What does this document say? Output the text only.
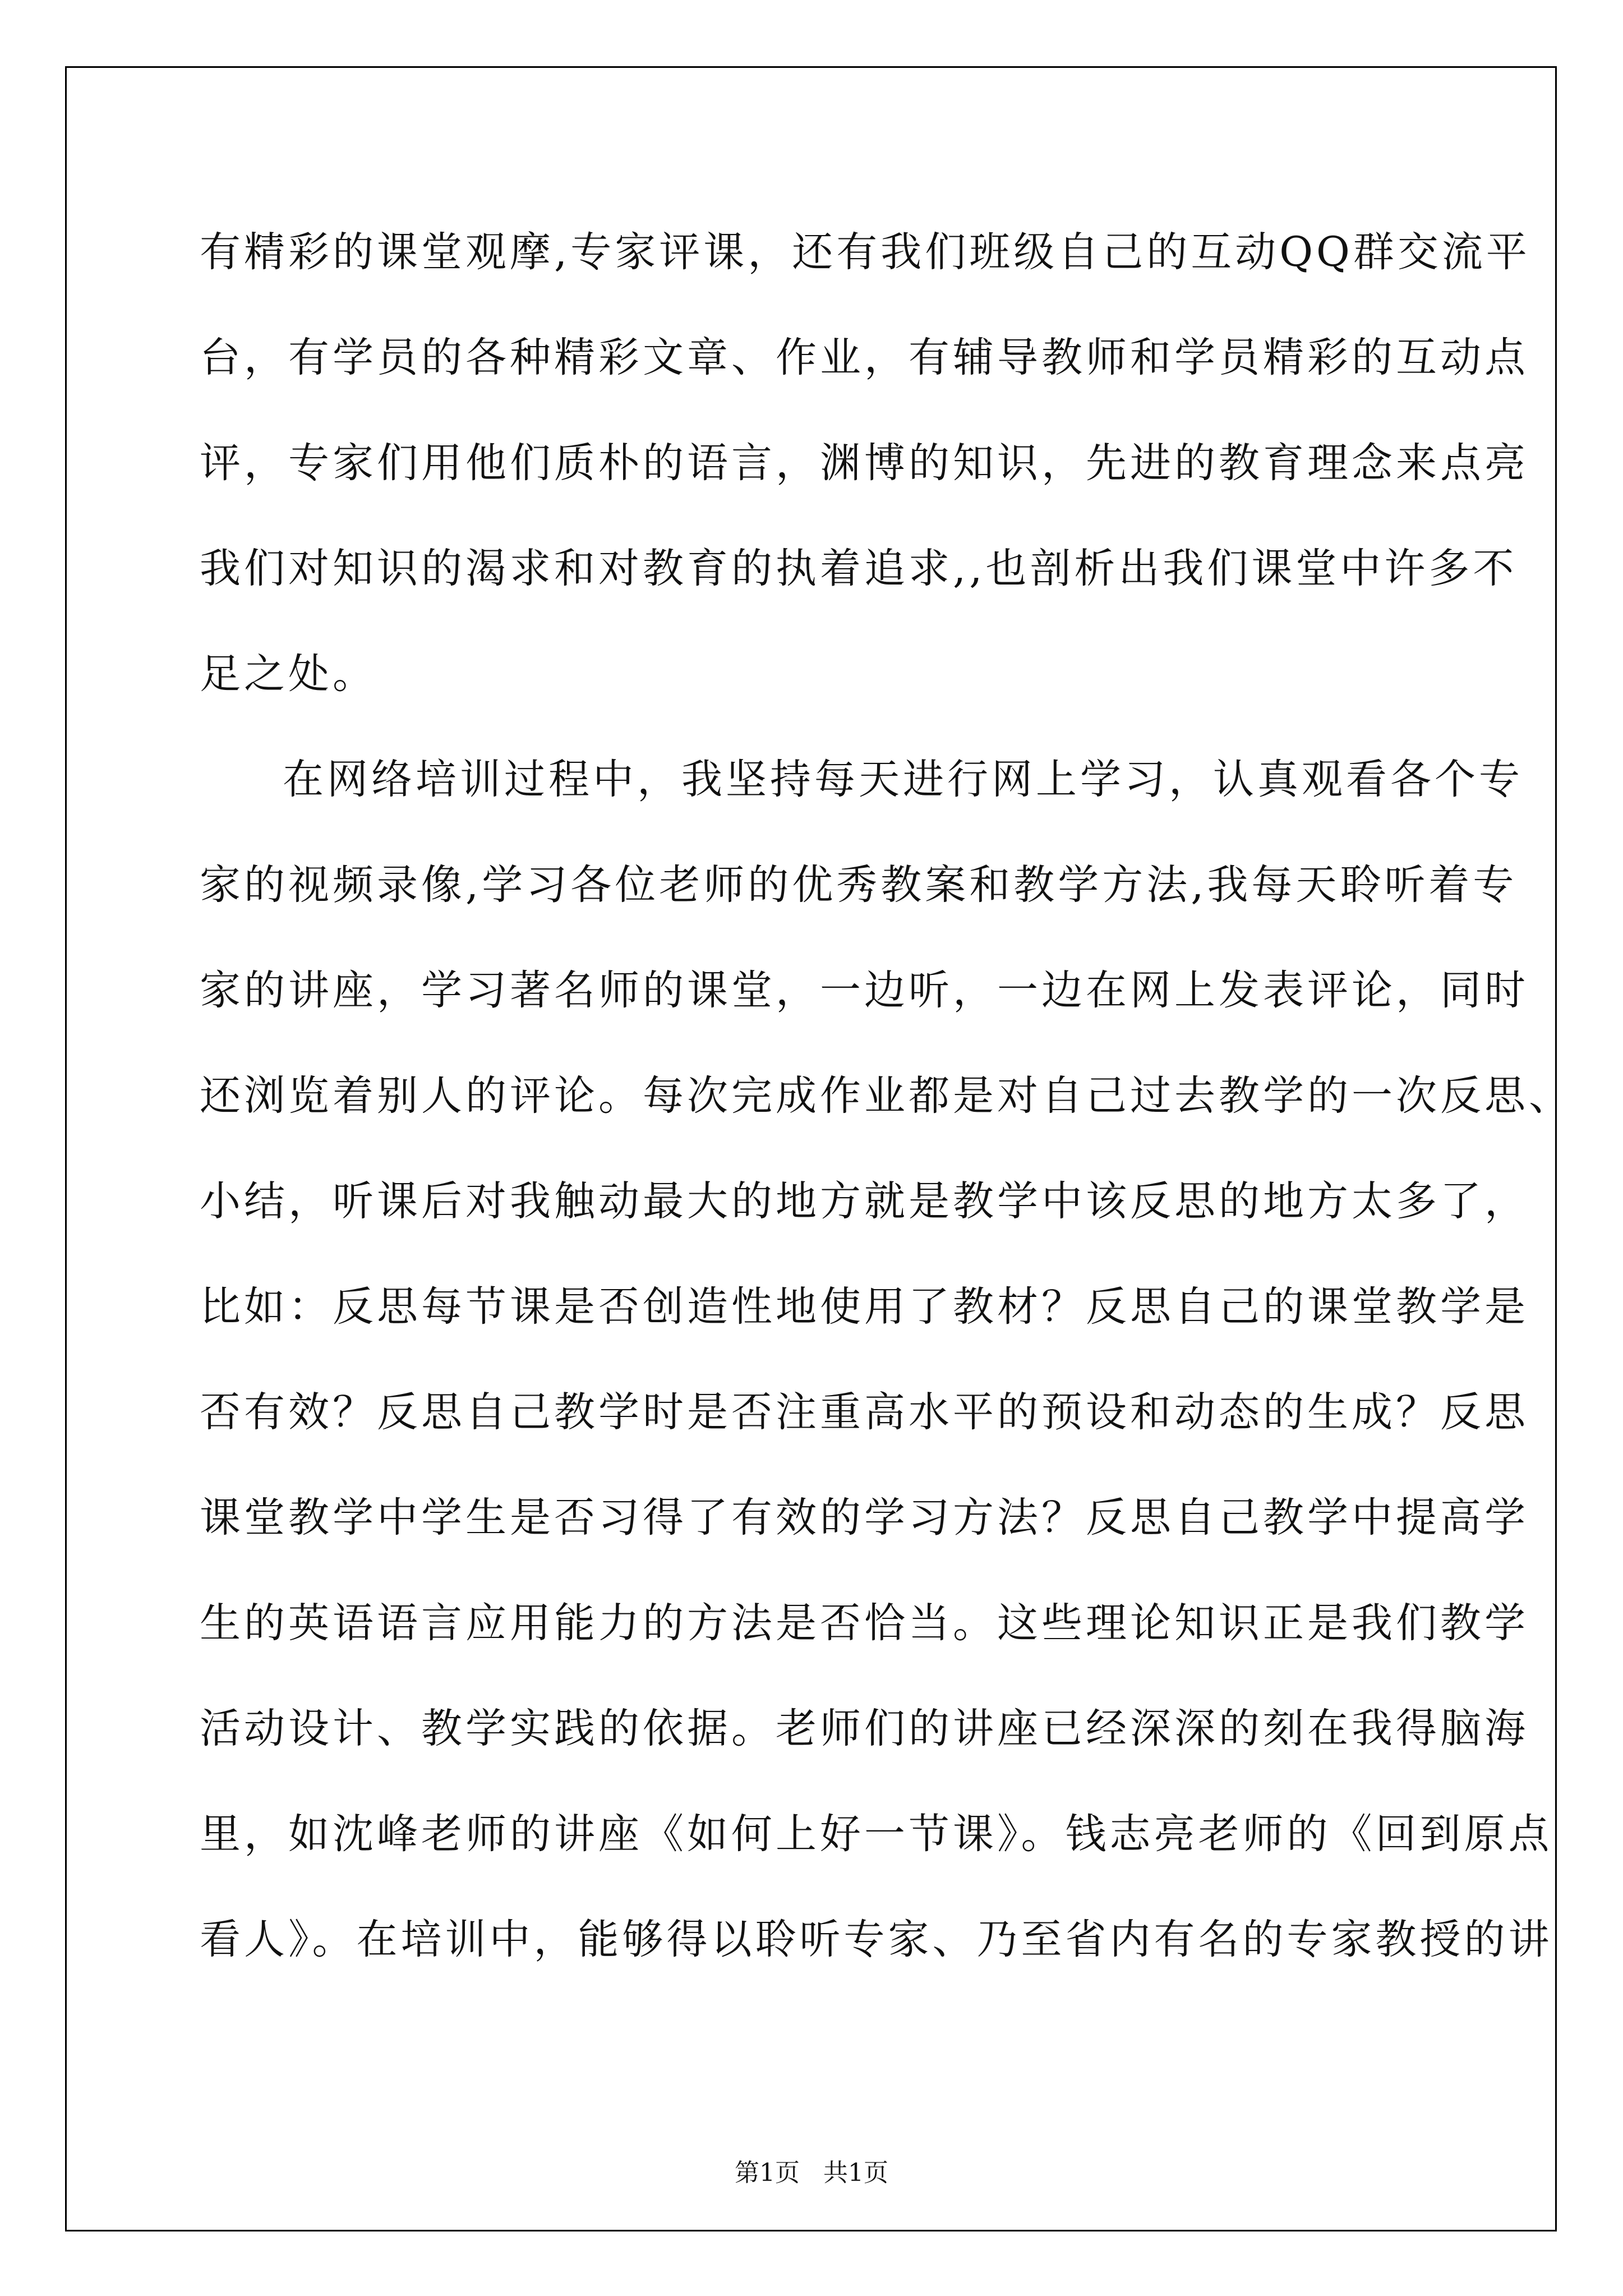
有精彩的课堂观摩,专家评课，还有我们班级自己的互动QQ群交流平
台，有学员的各种精彩文章、作业，有辅导教师和学员精彩的互动点
评，专家们用他们质朴的语言，渊博的知识，先进的教育理念来点亮
我们对知识的渴求和对教育的执着追求,,也剖析出我们课堂中许多不
足之处。
在网络培训过程中，我坚持每天进行网上学习，认真观看各个专
家的视频录像,学习各位老师的优秀教案和教学方法,我每天聆听着专
家的讲座，学习著名师的课堂，一边听，一边在网上发表评论，同时
还浏览着别人的评论。每次完成作业都是对自己过去教学的一次反思、
小结，听课后对我触动最大的地方就是教学中该反思的地方太多了，
比如：反思每节课是否创造性地使用了教材？反思自己的课堂教学是
否有效？反思自己教学时是否注重高水平的预设和动态的生成？反思
课堂教学中学生是否习得了有效的学习方法？反思自己教学中提高学
生的英语语言应用能力的方法是否恰当。这些理论知识正是我们教学
活动设计、教学实践的依据。老师们的讲座已经深深的刻在我得脑海
里，如沈峰老师的讲座《如何上好一节课》。钱志亮老师的《回到原点
看人》。在培训中，能够得以聆听专家、乃至省内有名的专家教授的讲
第1页   共1页
